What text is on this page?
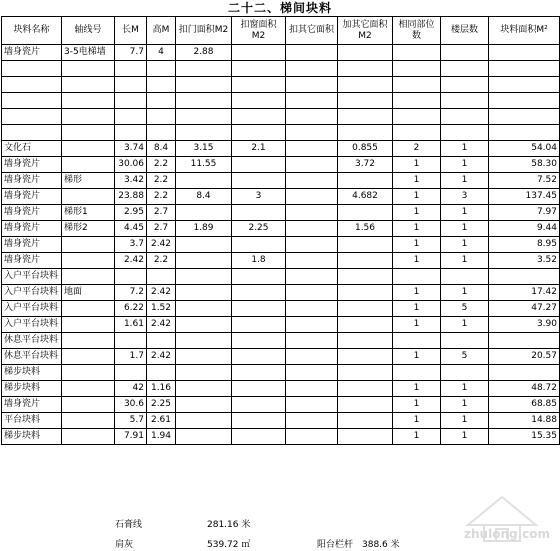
二十二、梯间块料
块料名称	轴线号	长M	高M	扣门面积M2	扣窗面积M2	扣其它面积	加其它面积M2	相同部位数	楼层数	块料面积M²
墙身瓷片	3-5电梯墙	7.7	4	2.88						

文化石		3.74	8.4	3.15	2.1		0.855	2	1	54.04
墙身瓷片		30.06	2.2	11.55			3.72	1	1	58.30
墙身瓷片	梯形	3.42	2.2					1	1	7.52
墙身瓷片		23.88	2.2	8.4	3		4.682	1	3	137.45
墙身瓷片	梯形1	2.95	2.7					1	1	7.97
墙身瓷片	梯形2	4.45	2.7	1.89	2.25		1.56	1	1	9.44
墙身瓷片		3.7	2.42					1	1	8.95
墙身瓷片		2.42	2.2		1.8			1	1	3.52
入户平台块料										
入户平台块料	地面	7.2	2.42					1	1	17.42
入户平台块料		6.22	1.52					1	5	47.27
入户平台块料		1.61	2.42					1	1	3.90
休息平台块料										
休息平台块料		1.7	2.42					1	5	20.57
梯步块料										
梯步块料		42	1.16					1	1	48.72
墙身瓷片		30.6	2.25					1	1	68.85
平台块料		5.7	2.61					1	1	14.88
梯步块料		7.91	1.94					1	1	15.35
石膏线	281.16 米
肩灰	539.72 ㎡	阳台栏杆 388.6 米
zhulong.com
